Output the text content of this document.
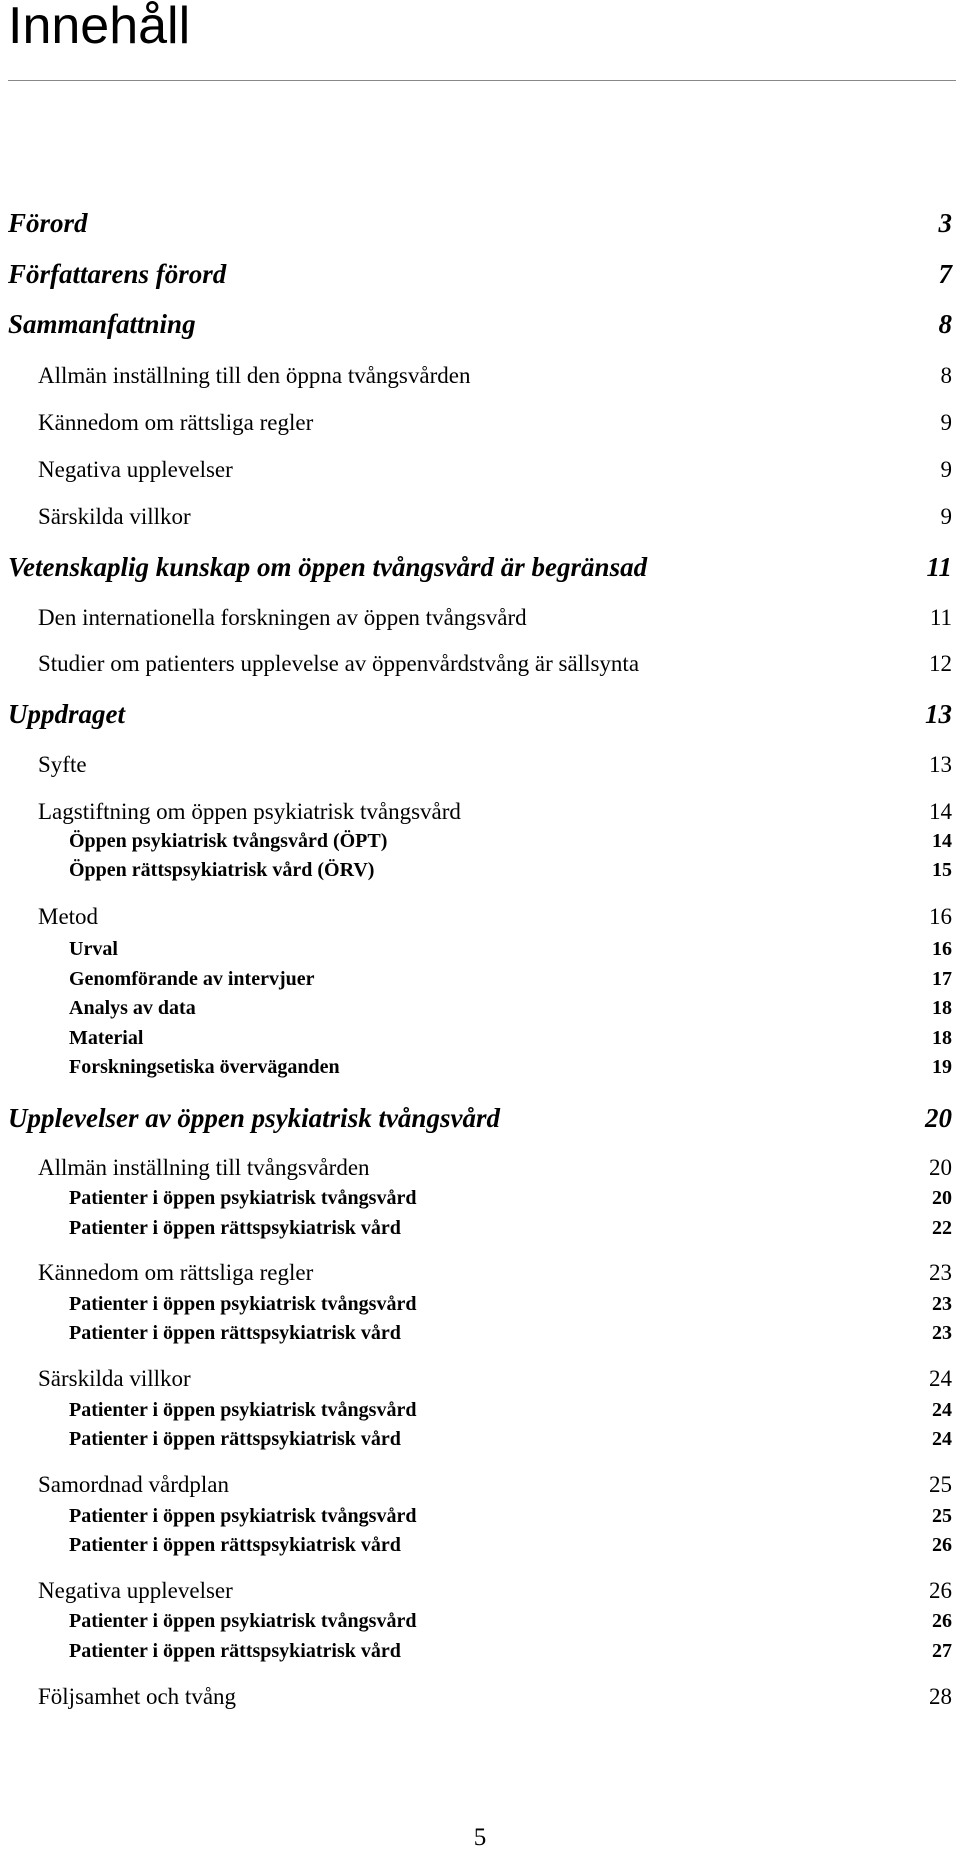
Innehåll
Förord	3
Författarens förord	7
Sammanfattning	8
Allmän inställning till den öppna tvångsvården	8
Kännedom om rättsliga regler	9
Negativa upplevelser	9
Särskilda villkor	9
Vetenskaplig kunskap om öppen tvångsvård är begränsad	11
Den internationella forskningen av öppen tvångsvård	11
Studier om patienters upplevelse av öppenvårdstvång är sällsynta	12
Uppdraget	13
Syfte	13
Lagstiftning om öppen psykiatrisk tvångsvård	14
Öppen psykiatrisk tvångsvård (ÖPT)	14
Öppen rättspsykiatrisk vård (ÖRV)	15
Metod	16
Urval	16
Genomförande av intervjuer	17
Analys av data	18
Material	18
Forskningsetiska överväganden	19
Upplevelser av öppen psykiatrisk tvångsvård	20
Allmän inställning till tvångsvården	20
Patienter i öppen psykiatrisk tvångsvård	20
Patienter i öppen rättspsykiatrisk vård	22
Kännedom om rättsliga regler	23
Patienter i öppen psykiatrisk tvångsvård	23
Patienter i öppen rättspsykiatrisk vård	23
Särskilda villkor	24
Patienter i öppen psykiatrisk tvångsvård	24
Patienter i öppen rättspsykiatrisk vård	24
Samordnad vårdplan	25
Patienter i öppen psykiatrisk tvångsvård	25
Patienter i öppen rättspsykiatrisk vård	26
Negativa upplevelser	26
Patienter i öppen psykiatrisk tvångsvård	26
Patienter i öppen rättspsykiatrisk vård	27
Följsamhet och tvång	28
5
